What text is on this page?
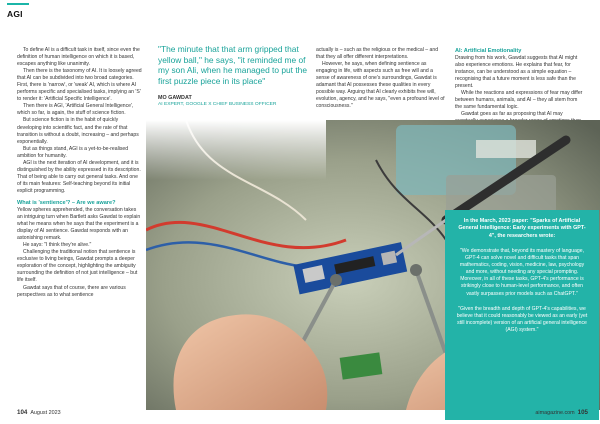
AGI

To define AI is a difficult task in itself, since even the definition of human intelligence on which it is based, escapes anything like unanimity.

Then there is the taxonomy of AI. It is loosely agreed that AI can be subdivided into two broad categories. First, there is 'narrow', or 'weak' AI, which is where AI performs specific and specialised tasks, implying an 'S' to render it: 'Artificial Specific Intelligence'.

Then there is AGI, 'Artificial General Intelligence', which so far, is again, the stuff of science fiction.

But science fiction is in the habit of quickly developing into scientific fact, and the rate of that transition is without a doubt, increasing – and perhaps exponentially.

But as things stand, AGI is a yet-to-be-realised ambition for humanity.

AGI is the next iteration of AI development, and it is distinguished by the ability expressed in its description. That of being able to carry out general tasks. And one of its main features: Self-teaching beyond its initial explicit programming.

What is 'sentience'? – Are we aware?

Yellow spheres apprehended, the conversation takes an intriguing turn when Bartlett asks Gawdat to explain what he means when he says that the experiment is a display of AI sentience. Gawdat responds with an astonishing remark.

He says: "I think they're alive."

Challenging the traditional notion that sentience is exclusive to living beings, Gawdat prompts a deeper exploration of the concept, highlighting the ambiguity surrounding the definition of not just intelligence – but life itself.

Gawdat says that of course, there are various perspectives as to what sentience

"The minute that that arm gripped that yellow ball," he says, "it reminded me of my son Ali, when he managed to put the first puzzle piece in its place"
MO GAWDAT
AI EXPERT, GOOGLE X CHIEF BUSINESS OFFICER

actually is – such as the religious or the medical – and that they all offer different interpretations.

However, he says, when defining sentience as engaging in life, with aspects such as free will and a sense of awareness of one's surroundings, Gawdat is adamant that AI possesses these qualities in every possible way. Arguing that AI clearly exhibits free will, evolution, agency, and he says, "even a profound level of consciousness."

AI: Artificial Emotionality

Drawing from his work, Gawdat suggests that AI might also experience emotions. He explains that fear, for instance, can be understood as a simple equation – recognising that a future moment is less safe than the present.

While the reactions and expressions of fear may differ between humans, animals, and AI – they all stem from the same fundamental logic.

Gawdat goes as far as proposing that AI may

In the March, 2023 paper: "Sparks of Artificial General Intelligence: Early experiments with GPT-4", the researchers wrote:
"We demonstrate that, beyond its mastery of language, GPT-4 can solve novel and difficult tasks that span mathematics, coding, vision, medicine, law, psychology and more, without needing any special prompting. Moreover, in all of these tasks, GPT-4's performance is strikingly close to human-level performance, and often vastly surpasses prior models such as ChatGPT."
"Given the breadth and depth of GPT-4's capabilities, we believe that it could reasonably be viewed as an early (yet still incomplete) version of an artificial general intelligence (AGI) system."
104 August 2023	aimagazine.com 105
